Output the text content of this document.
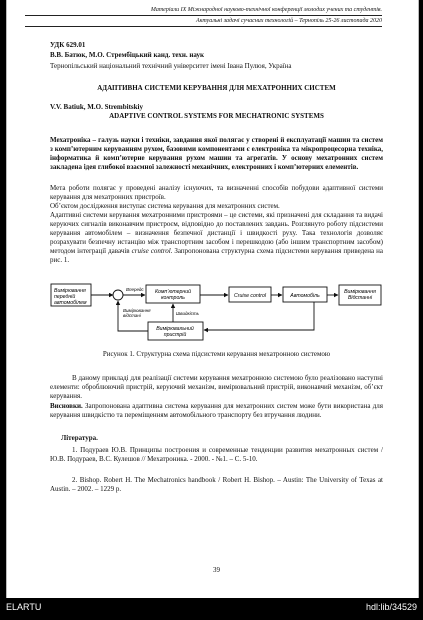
Матеріали IX Міжнародної науково-технічної конференції молодих учених та студентів.
Актуальні задачі сучасних технологій – Тернопіль 25-26 листопада 2020
УДК 629.01
В.В. Батюк, М.О. Стрембіцький канд. техн. наук
Тернопільський національний технічний університет імені Івана Пулюя, Україна
АДАПТИВНА СИСТЕМИ КЕРУВАННЯ ДЛЯ МЕХАТРОННИХ СИСТЕМ
V.V. Batiuk, M.O. Strembitskiy
ADAPTIVE CONTROL SYSTEMS FOR MECHATRONIC SYSTEMS
Мехатроніка – галузь науки і техніки, завдання якої полягає у створені й експлуатації машин та систем з комп’ютерним керуванням рухом, базовими компонентами є електроніка та мікропроцесорна техніка, інформатика й комп’ютерне керування рухом машин та агрегатів. У основу мехатронних систем закладена ідея глибокої взаємної залежності механічних, електронних і комп’ютерних елементів.
Мета роботи полягає у проведені аналізу існуючих, та визначенні способів побудови адаптивної системи керування для мехатронних пристроїв.
Об’єктом дослідження виступає система керування для мехатронних систем.
Адаптивні системи керування мехатронними пристроями – це системи, які призначені для складання та видачі керуючих сигналів виконавчим пристроєм, відповідно до поставлених завдань. Розглянуто роботу підсистеми керування автомобілем – визначення безпечної дистанції і швидкості руху. Така технологія дозволяє розрахувати безпечну истанцію між транспортним засобом і перешкодою (або іншим транспортним засобом) методом інтеграції давачів cruise control. Запропонована структурна схема підсистеми керування приведена на рис. 1.
Вимірювання передній автомобілем
Впередс Комп’ютерний контроль	Cruise control	Автомобіль
Вимірювання Відстанні
Вимірювальний пристрій
Швидкість
Вимірювання відстані
Рисунок 1. Структурна схема підсистеми керування мехатронною системою
В даному прикладі для реалізації системи керування мехатронною системою було реалізовано наступні елементи: оброблюючий пристрій, керуючий механізм, вимірювальний пристрій, виконавчий механізм, об’єкт керування.
Висновки. Запропонована адаптивна система керування для мехатронних систем може бути використана для керування швидкістю та переміщенням автомобільного транспорту без втручання людини.
Література.
1. Подураев Ю.В. Принципы построения и современные тенденции развития мехатронных систем / Ю.В. Подураев, В.С. Кулешов // Мехатроника. - 2000. - №1. – С. 5-10.
2. Bishop. Robert H. The Mechatronics handbook / Robert H. Bishop. – Austin: The University of Texas at Austin. – 2002. – 1229 p.
39
ELARTU	hdl:lib/34529
